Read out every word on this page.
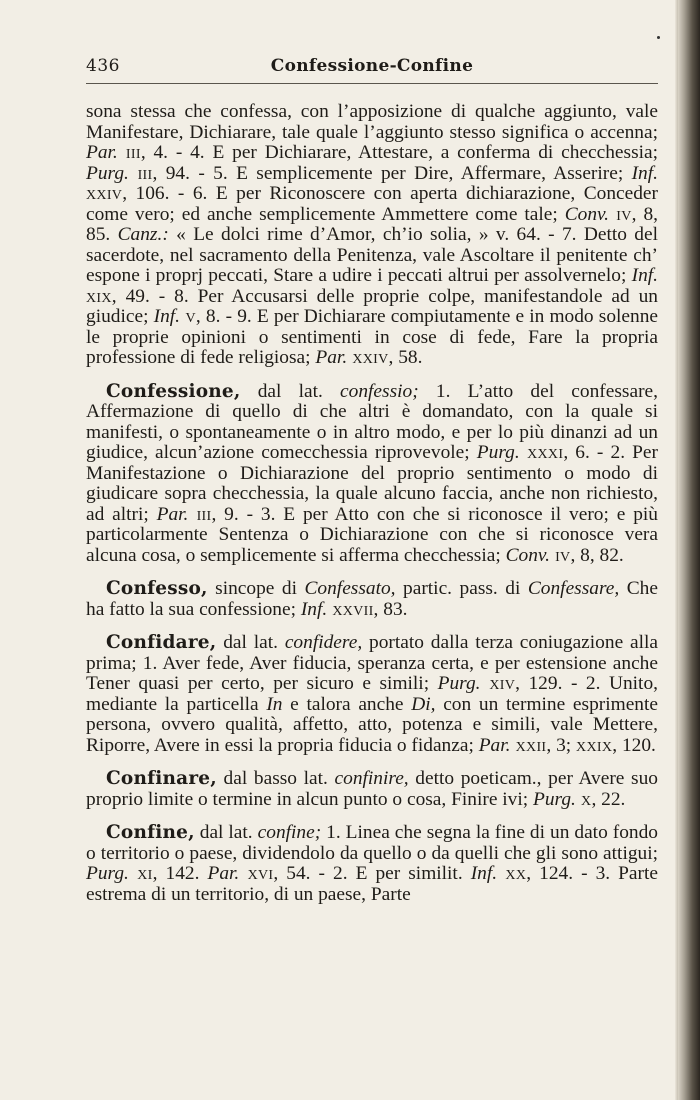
436	Confessione-Confine

sona stessa che confessa, con l’apposizione di qualche aggiunto, vale Manifestare, Dichiarare, tale quale l’aggiunto stesso significa o accenna; Par. iii, 4. - 4. E per Dichiarare, Attestare, a conferma di checchessia; Purg. iii, 94. - 5. E semplicemente per Dire, Affermare, Asserire; Inf. xxiv, 106. - 6. E per Riconoscere con aperta dichiarazione, Conceder come vero; ed anche semplicemente Ammettere come tale; Conv. iv, 8, 85. Canz.: « Le dolci rime d’Amor, ch’io solia, » v. 64. - 7. Detto del sacerdote, nel sacramento della Penitenza, vale Ascoltare il penitente ch’ espone i proprj peccati, Stare a udire i peccati altrui per assolvernelo; Inf. xix, 49. - 8. Per Accusarsi delle proprie colpe, manifestandole ad un giudice; Inf. v, 8. - 9. E per Dichiarare compiutamente e in modo solenne le proprie opinioni o sentimenti in cose di fede, Fare la propria professione di fede religiosa; Par. xxiv, 58.

Confessione, dal lat. confessio; 1. L’atto del confessare, Affermazione di quello di che altri è domandato, con la quale si manifesti, o spontaneamente o in altro modo, e per lo più dinanzi ad un giudice, alcun’azione comecchessia riprovevole; Purg. xxxi, 6. - 2. Per Manifestazione o Dichiarazione del proprio sentimento o modo di giudicare sopra checchessia, la quale alcuno faccia, anche non richiesto, ad altri; Par. iii, 9. - 3. E per Atto con che si riconosce il vero; e più particolarmente Sentenza o Dichiarazione con che si riconosce vera alcuna cosa, o semplicemente si afferma checchessia; Conv. iv, 8, 82.

Confesso, sincope di Confessato, partic. pass. di Confessare, Che ha fatto la sua confessione; Inf. xxvii, 83.

Confidare, dal lat. confidere, portato dalla terza coniugazione alla prima; 1. Aver fede, Aver fiducia, speranza certa, e per estensione anche Tener quasi per certo, per sicuro e simili; Purg. xiv, 129. - 2. Unito, mediante la particella In e talora anche Di, con un termine esprimente persona, ovvero qualità, affetto, atto, potenza e simili, vale Mettere, Riporre, Avere in essi la propria fiducia o fidanza; Par. xxii, 3; xxix, 120.

Confinare, dal basso lat. confinire, detto poeticam., per Avere suo proprio limite o termine in alcun punto o cosa, Finire ivi; Purg. x, 22.

Confine, dal lat. confine; 1. Linea che segna la fine di un dato fondo o territorio o paese, dividendolo da quello o da quelli che gli sono attigui; Purg. xi, 142. Par. xvi, 54. - 2. E per similit. Inf. xx, 124. - 3. Parte estrema di un territorio, di un paese, Parte
